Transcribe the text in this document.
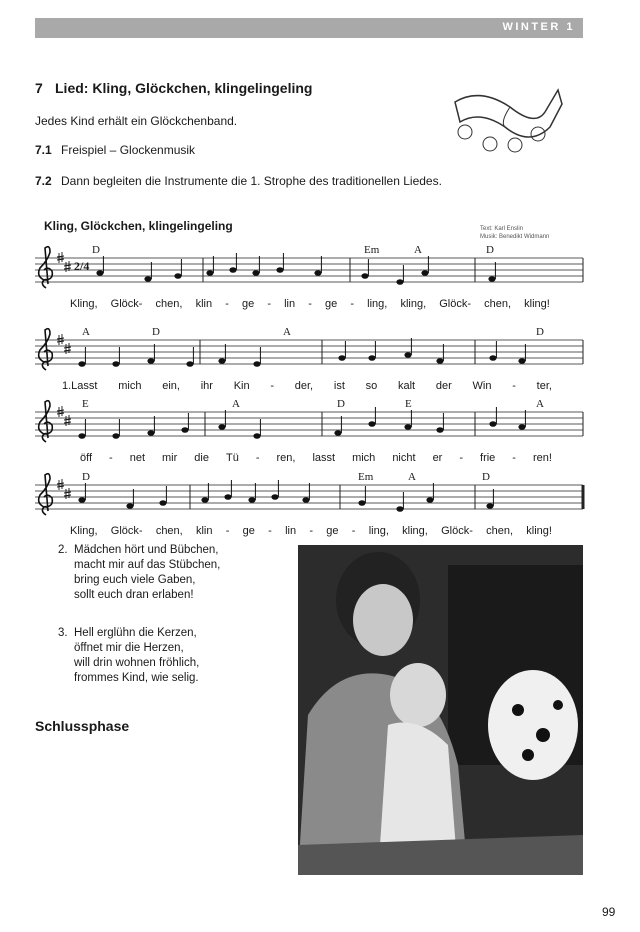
WINTER 1
7 Lied: Kling, Glöckchen, klingelingeling
Jedes Kind erhält ein Glöckchenband.
7.1 Freispiel – Glockenmusik
7.2 Dann begleiten die Instrumente die 1. Strophe des traditionellen Liedes.
Kling, Glöckchen, klingelingeling	Text: Karl Enslin
Musik: Benedikt Widmann
D	Em	A	D
Kling, Glöck- chen, klin - ge - lin - ge - ling, kling, Glöck- chen, kling!
A	D	A	D
1.Lasst mich ein, ihr Kin - der, ist so kalt der Win - ter,
E	A	D	E	A
öff - net mir die Tü - ren, lasst mich nicht er - frie - ren!
D	Em	A	D
Kling, Glöck- chen, klin - ge - lin - ge - ling, kling, Glöck- chen, kling!
2/4
2. Mädchen hört und Bübchen,
macht mir auf das Stübchen,
bring euch viele Gaben,
sollt euch dran erlaben!
3. Hell erglühn die Kerzen,
öffnet mir die Herzen,
will drin wohnen fröhlich,
frommes Kind, wie selig.
Schlussphase
99
